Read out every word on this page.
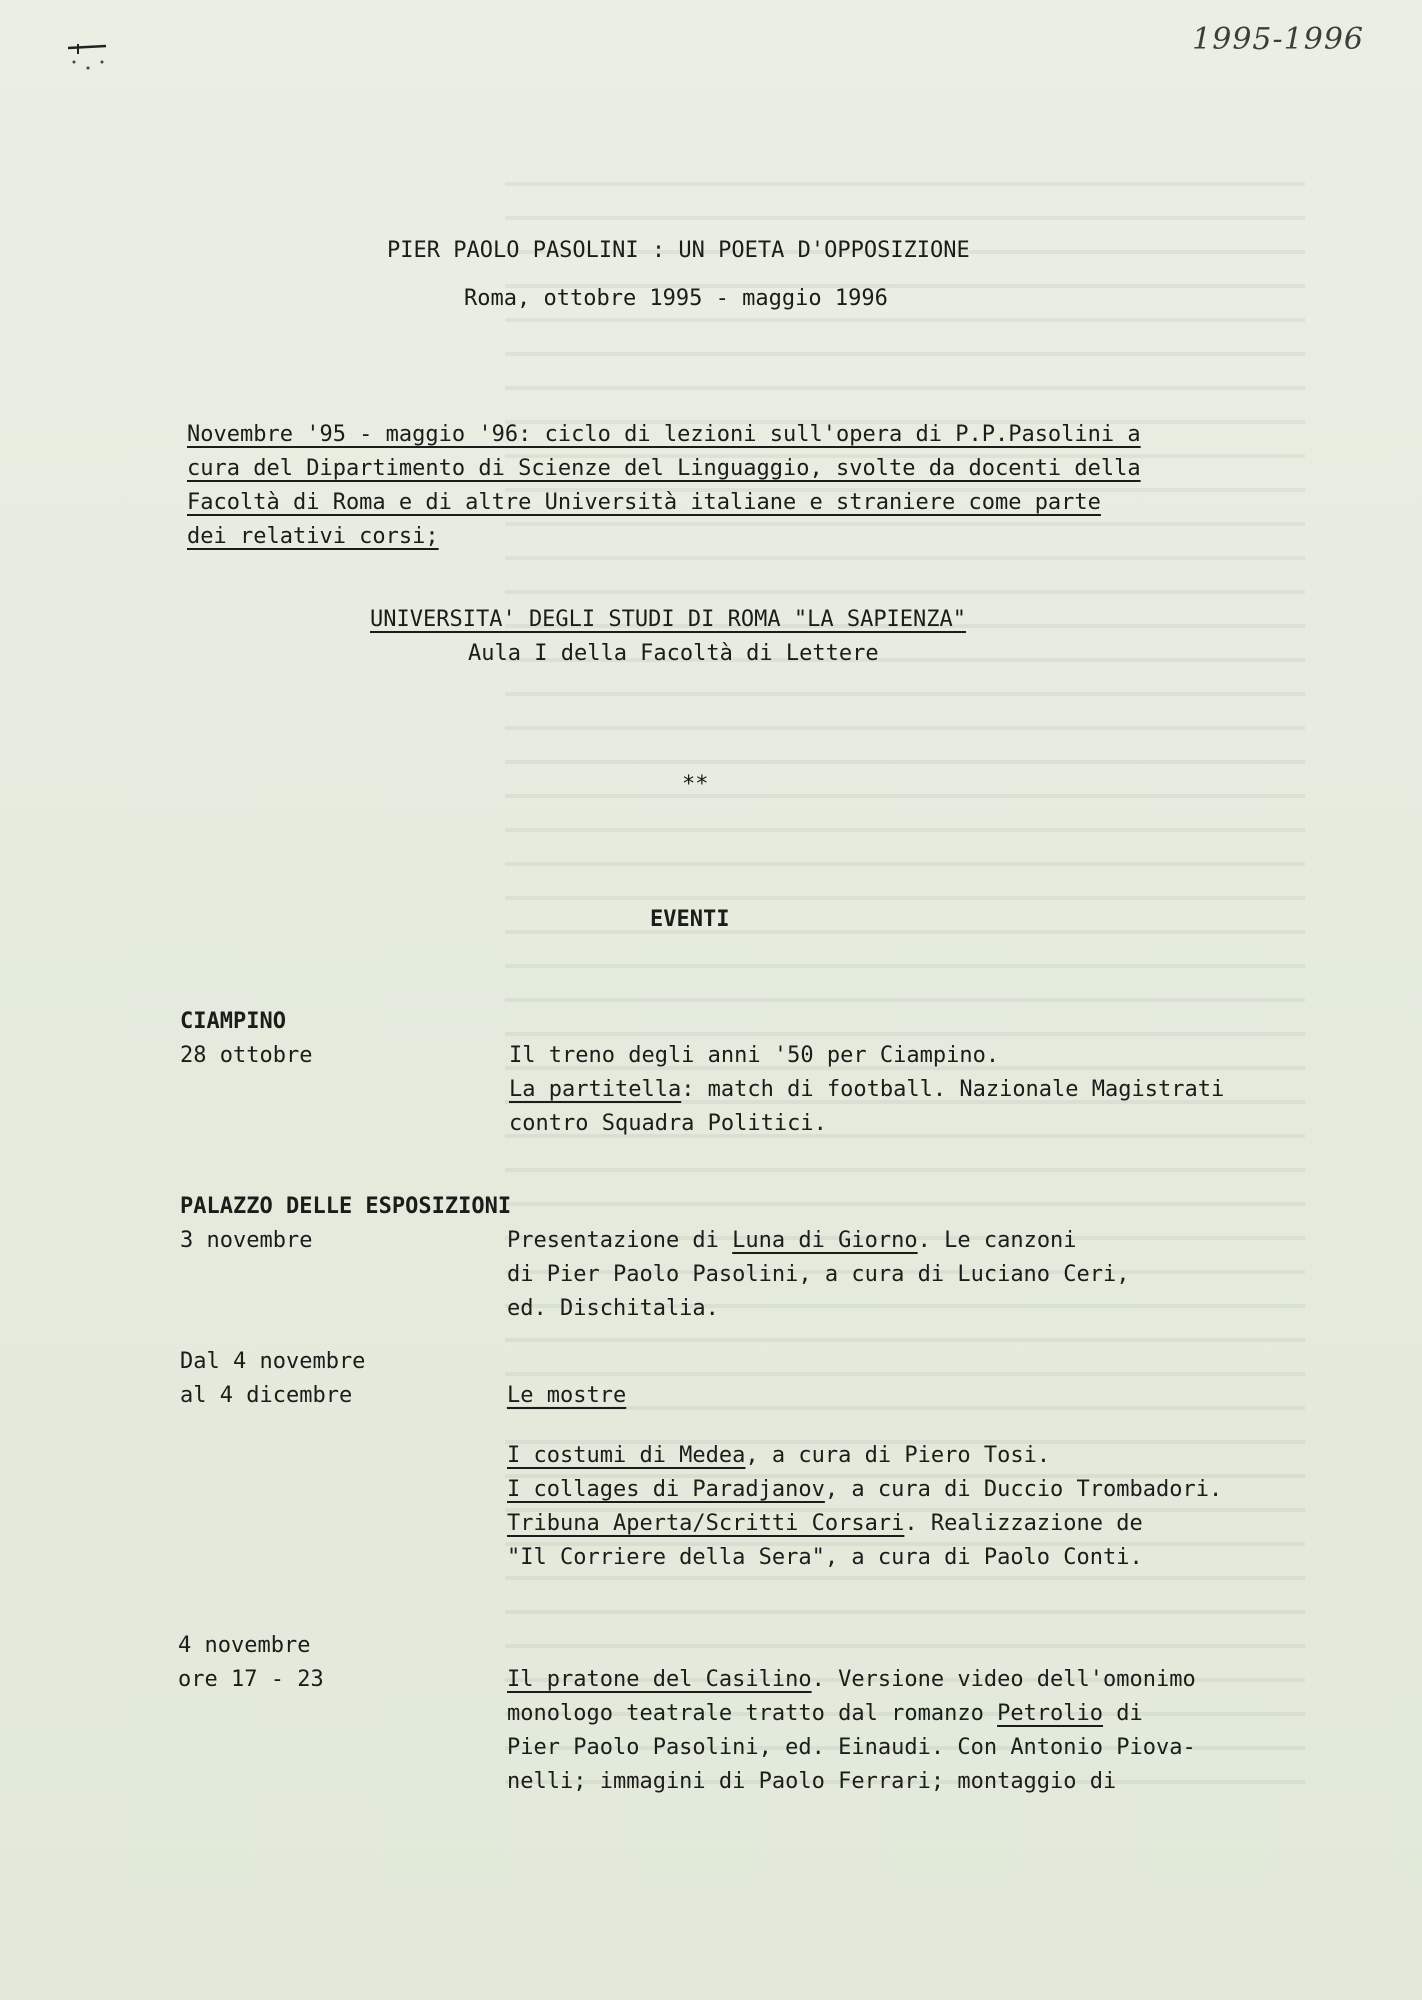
1995-1996
PIER PAOLO PASOLINI : UN POETA D'OPPOSIZIONE
Roma, ottobre 1995 - maggio 1996
Novembre '95 - maggio '96: ciclo di lezioni sull'opera di P.P.Pasolini a
cura del Dipartimento di Scienze del Linguaggio, svolte da docenti della
Facoltà di Roma e di altre Università italiane e straniere come parte
dei relativi corsi;
UNIVERSITA' DEGLI STUDI DI ROMA "LA SAPIENZA"
Aula I della Facoltà di Lettere
**
EVENTI
CIAMPINO
28 ottobre	Il treno degli anni '50 per Ciampino.
La partitella: match di football. Nazionale Magistrati
contro Squadra Politici.
PALAZZO DELLE ESPOSIZIONI
3 novembre	Presentazione di Luna di Giorno. Le canzoni
di Pier Paolo Pasolini, a cura di Luciano Ceri,
ed. Dischitalia.
Dal 4 novembre
al 4 dicembre	Le mostre
I costumi di Medea, a cura di Piero Tosi.
I collages di Paradjanov, a cura di Duccio Trombadori.
Tribuna Aperta/Scritti Corsari. Realizzazione de
"Il Corriere della Sera", a cura di Paolo Conti.
4 novembre
ore 17 - 23	Il pratone del Casilino. Versione video dell'omonimo
monologo teatrale tratto dal romanzo Petrolio di
Pier Paolo Pasolini, ed. Einaudi. Con Antonio Piova-
nelli; immagini di Paolo Ferrari; montaggio di
